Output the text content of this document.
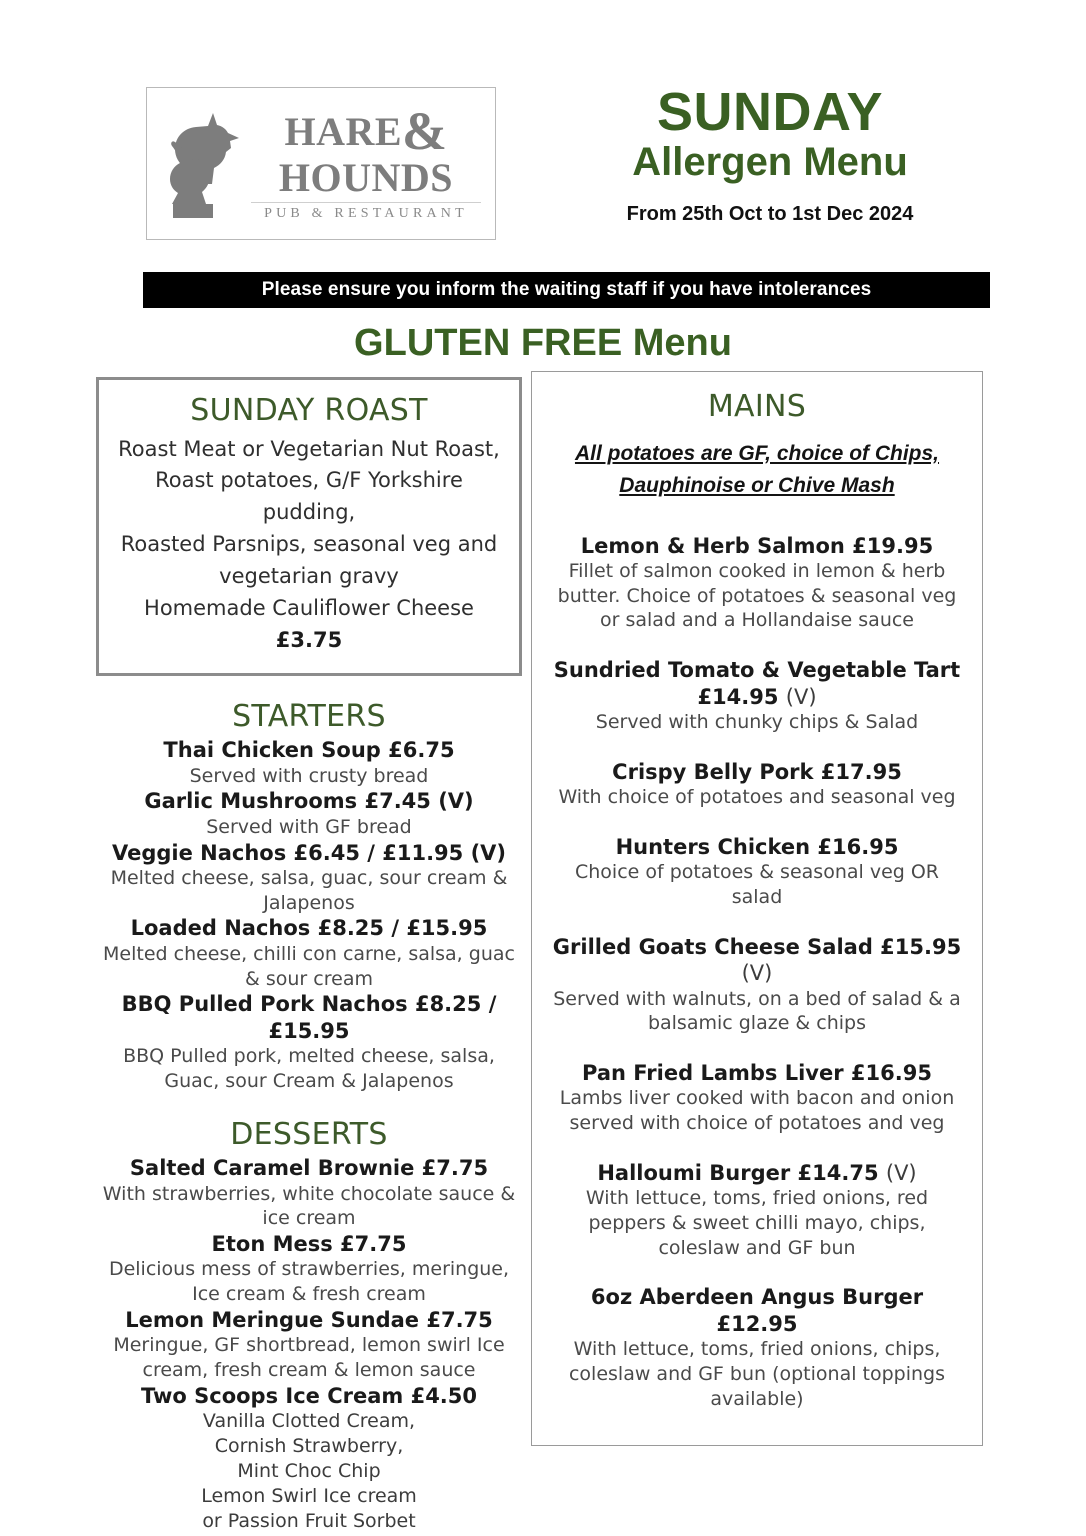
HARE&
HOUNDS
PUB & RESTAURANT
SUNDAY
Allergen Menu
From 25th Oct to 1st Dec 2024
Please ensure you inform the waiting staff if you have intolerances
GLUTEN FREE Menu
SUNDAY ROAST
Roast Meat or Vegetarian Nut Roast,
Roast potatoes, G/F Yorkshire pudding,
Roasted Parsnips, seasonal veg and
vegetarian gravy
Homemade Cauliflower Cheese £3.75
STARTERS
Thai Chicken Soup £6.75
Served with crusty bread
Garlic Mushrooms £7.45 (V)
Served with GF bread
Veggie Nachos £6.45 / £11.95 (V)
Melted cheese, salsa, guac, sour cream & Jalapenos
Loaded Nachos £8.25 / £15.95
Melted cheese, chilli con carne, salsa, guac & sour cream
BBQ Pulled Pork Nachos £8.25 / £15.95
BBQ Pulled pork, melted cheese, salsa, Guac, sour Cream & Jalapenos
DESSERTS
Salted Caramel Brownie £7.75
With strawberries, white chocolate sauce & ice cream
Eton Mess £7.75
Delicious mess of strawberries, meringue, Ice cream & fresh cream
Lemon Meringue Sundae £7.75
Meringue, GF shortbread, lemon swirl Ice cream, fresh cream & lemon sauce
Two Scoops Ice Cream £4.50
Vanilla Clotted Cream,
Cornish Strawberry,
Mint Choc Chip
Lemon Swirl Ice cream
or Passion Fruit Sorbet
MAINS
All potatoes are GF, choice of Chips,
Dauphinoise or Chive Mash
Lemon & Herb Salmon £19.95
Fillet of salmon cooked in lemon & herb butter. Choice of potatoes & seasonal veg or salad and a Hollandaise sauce
Sundried Tomato & Vegetable Tart £14.95 (V)
Served with chunky chips & Salad
Crispy Belly Pork £17.95
With choice of potatoes and seasonal veg
Hunters Chicken £16.95
Choice of potatoes & seasonal veg OR salad
Grilled Goats Cheese Salad £15.95 (V)
Served with walnuts, on a bed of salad & a balsamic glaze & chips
Pan Fried Lambs Liver £16.95
Lambs liver cooked with bacon and onion served with choice of potatoes and veg
Halloumi Burger £14.75 (V)
With lettuce, toms, fried onions, red peppers & sweet chilli mayo, chips, coleslaw and GF bun
6oz Aberdeen Angus Burger £12.95
With lettuce, toms, fried onions, chips, coleslaw and GF bun (optional toppings available)
